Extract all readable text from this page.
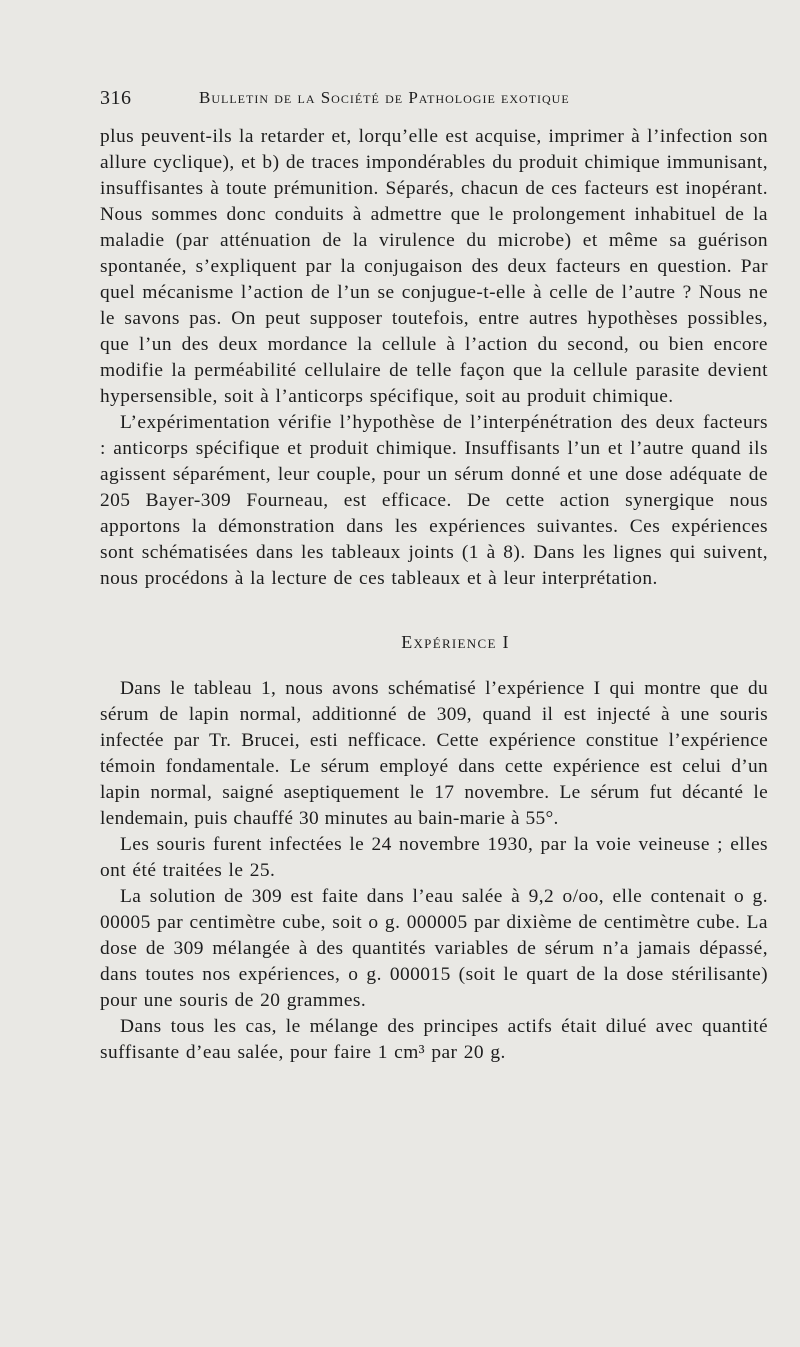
316	Bulletin de la Société de Pathologie exotique

plus peuvent-ils la retarder et, lorqu’elle est acquise, imprimer à l’infection son allure cyclique), et b) de traces impondérables du produit chimique immunisant, insuffisantes à toute prémunition. Séparés, chacun de ces facteurs est inopérant. Nous sommes donc conduits à admettre que le prolongement inhabituel de la maladie (par atténuation de la virulence du microbe) et même sa guérison spontanée, s’expliquent par la conjugaison des deux facteurs en question. Par quel mécanisme l’action de l’un se conjugue-t-elle à celle de l’autre ? Nous ne le savons pas. On peut supposer toutefois, entre autres hypothèses possibles, que l’un des deux mordance la cellule à l’action du second, ou bien encore modifie la perméabilité cellulaire de telle façon que la cellule parasite devient hypersensible, soit à l’anticorps spécifique, soit au produit chimique.

L’expérimentation vérifie l’hypothèse de l’interpénétration des deux facteurs : anticorps spécifique et produit chimique. Insuffisants l’un et l’autre quand ils agissent séparément, leur couple, pour un sérum donné et une dose adéquate de 205 Bayer-309 Fourneau, est efficace. De cette action synergique nous apportons la démonstration dans les expériences suivantes. Ces expériences sont schématisées dans les tableaux joints (1 à 8). Dans les lignes qui suivent, nous procédons à la lecture de ces tableaux et à leur interprétation.

Expérience I

Dans le tableau 1, nous avons schématisé l’expérience I qui montre que du sérum de lapin normal, additionné de 309, quand il est injecté à une souris infectée par Tr. Brucei, esti nefficace. Cette expérience constitue l’expérience témoin fondamentale. Le sérum employé dans cette expérience est celui d’un lapin normal, saigné aseptiquement le 17 novembre. Le sérum fut décanté le lendemain, puis chauffé 30 minutes au bain-marie à 55°.

Les souris furent infectées le 24 novembre 1930, par la voie veineuse ; elles ont été traitées le 25.

La solution de 309 est faite dans l’eau salée à 9,2 o/oo, elle contenait o g. 00005 par centimètre cube, soit o g. 000005 par dixième de centimètre cube. La dose de 309 mélangée à des quantités variables de sérum n’a jamais dépassé, dans toutes nos expériences, o g. 000015 (soit le quart de la dose stérilisante) pour une souris de 20 grammes.

Dans tous les cas, le mélange des principes actifs était dilué avec quantité suffisante d’eau salée, pour faire 1 cm³ par 20 g.
